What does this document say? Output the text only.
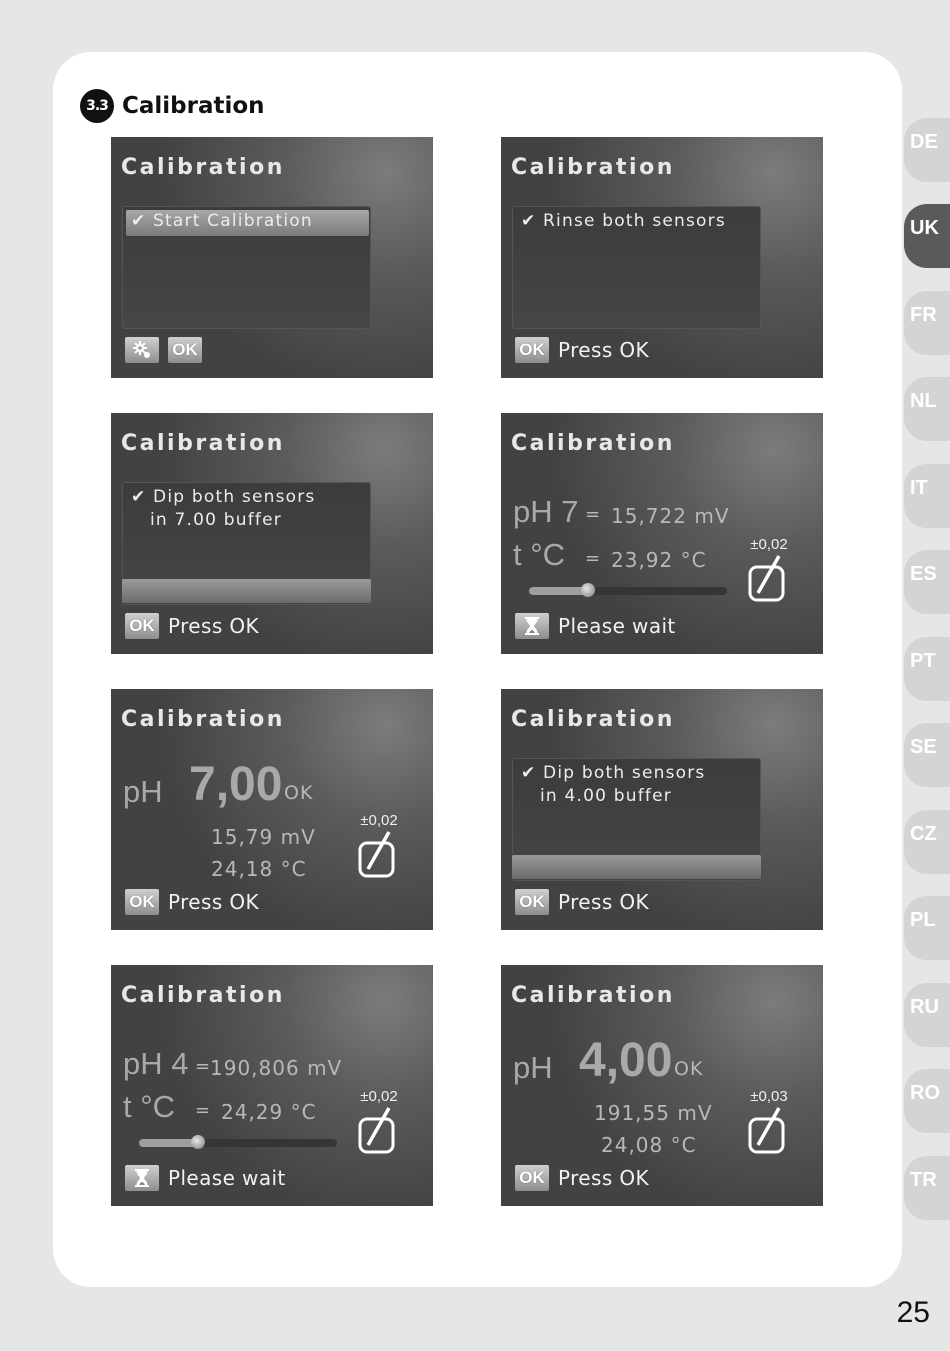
3.3 Calibration
DE
UK
FR
NL
IT
ES
PT
SE
CZ
PL
RU
RO
TR
25
Calibration
✔ Start Calibration
OK
Calibration
✔ Rinse both sensors
OK Press OK
Calibration
✔ Dip both sensors
in 7.00 buffer
OK Press OK
Calibration
pH 7 = 15,722 mV
t °C = 23,92 °C
±0,02
Please wait
Calibration
pH 7,00 OK
15,79 mV
24,18 °C
±0,02
OK Press OK
Calibration
✔ Dip both sensors
in 4.00 buffer
OK Press OK
Calibration
pH 4 =
190,806 mV
t °C = 24,29 °C
±0,02
Please wait
Calibration
pH 4,00 OK
191,55 mV
24,08 °C
±0,03
OK Press OK
